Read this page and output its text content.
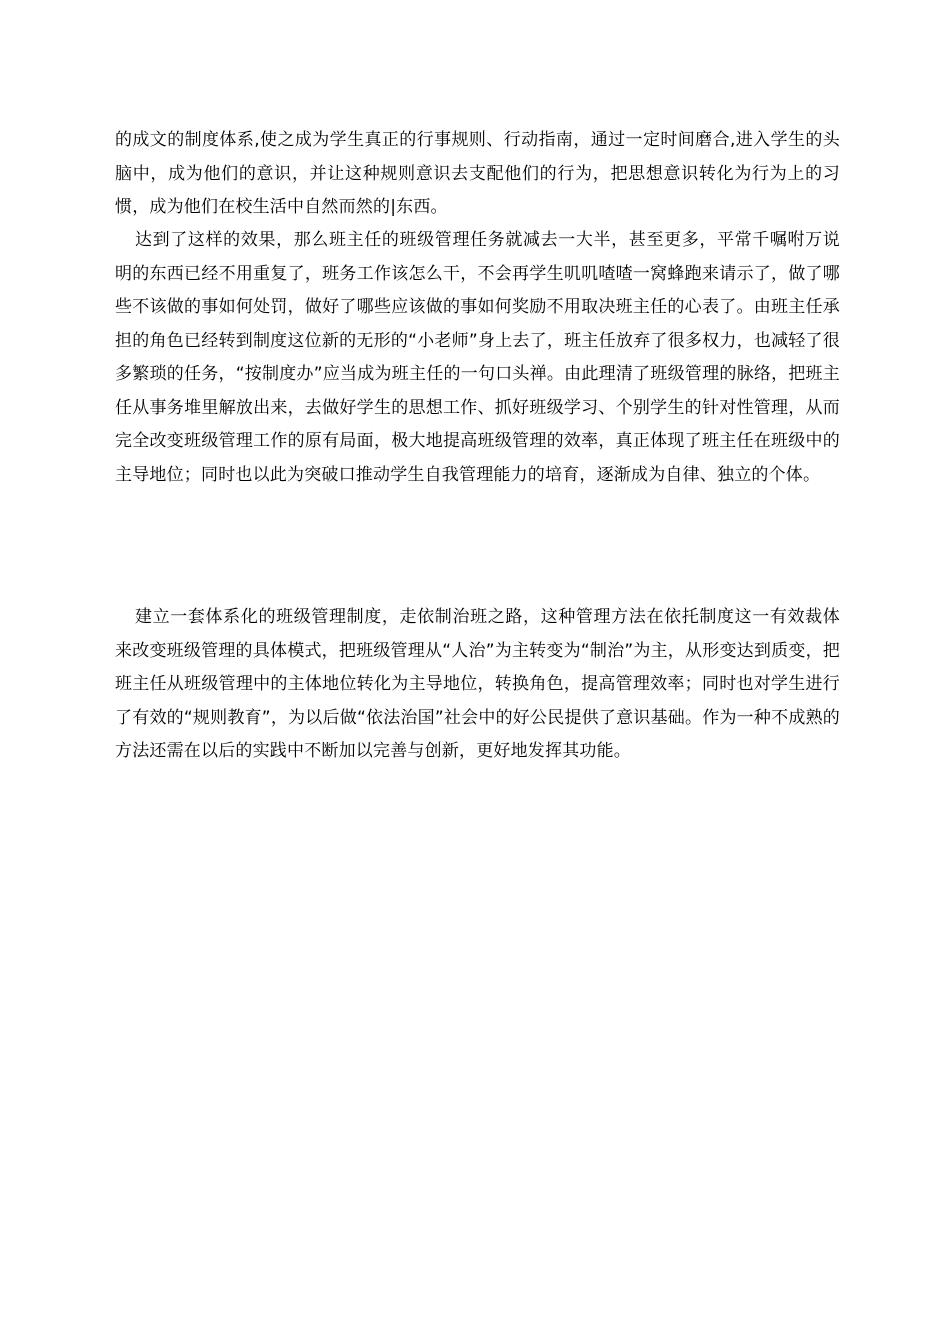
的成文的制度体系,使之成为学生真正的行事规则、行动指南，通过一定时间磨合,进入学生的头脑中，成为他们的意识，并让这种规则意识去支配他们的行为，把思想意识转化为行为上的习惯，成为他们在校生活中自然而然的|东西。

达到了这样的效果，那么班主任的班级管理任务就减去一大半，甚至更多，平常千嘱咐万说明的东西已经不用重复了，班务工作该怎么干，不会再学生叽叽喳喳一窝蜂跑来请示了，做了哪些不该做的事如何处罚，做好了哪些应该做的事如何奖励不用取决班主任的心表了。由班主任承担的角色已经转到制度这位新的无形的“小老师”身上去了，班主任放弃了很多权力，也减轻了很多繁琐的任务，“按制度办”应当成为班主任的一句口头禅。由此理清了班级管理的脉络，把班主任从事务堆里解放出来，去做好学生的思想工作、抓好班级学习、个别学生的针对性管理，从而完全改变班级管理工作的原有局面，极大地提高班级管理的效率，真正体现了班主任在班级中的主导地位；同时也以此为突破口推动学生自我管理能力的培育，逐渐成为自律、独立的个体。

建立一套体系化的班级管理制度，走依制治班之路，这种管理方法在依托制度这一有效裁体来改变班级管理的具体模式，把班级管理从“人治”为主转变为“制治”为主，从形变达到质变，把班主任从班级管理中的主体地位转化为主导地位，转换角色，提高管理效率；同时也对学生进行了有效的“规则教育”，为以后做“依法治国”社会中的好公民提供了意识基础。作为一种不成熟的方法还需在以后的实践中不断加以完善与创新，更好地发挥其功能。
